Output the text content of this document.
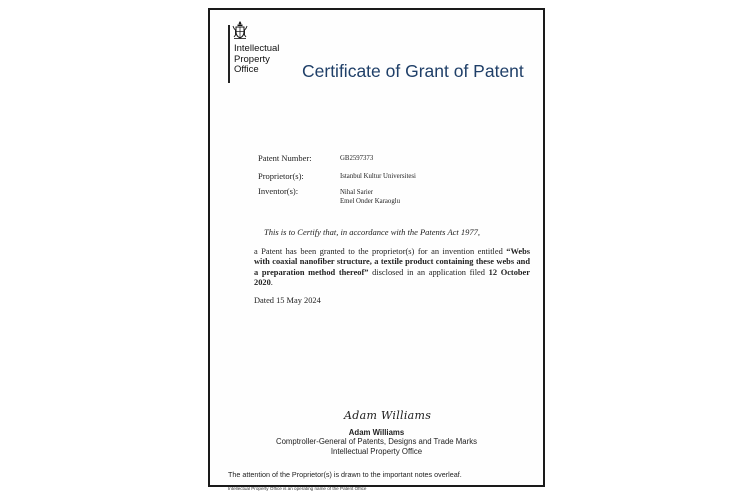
Intellectual
Property
Office	Certificate of Grant of Patent
Patent Number:	GB2597373
Proprietor(s):	Istanbul Kultur Universitesi
Inventor(s):	Nihal Sarier
Emel Onder Karaoglu
This is to Certify that, in accordance with the Patents Act 1977,
a Patent has been granted to the proprietor(s) for an invention entitled “Webs with coaxial nanofiber structure, a textile product containing these webs and a preparation method thereof” disclosed in an application filed 12 October 2020.
Dated 15 May 2024
Adam Williams
Adam Williams
Comptroller-General of Patents, Designs and Trade Marks
Intellectual Property Office
The attention of the Proprietor(s) is drawn to the important notes overleaf.
Intellectual Property Office is an operating name of the Patent Office
